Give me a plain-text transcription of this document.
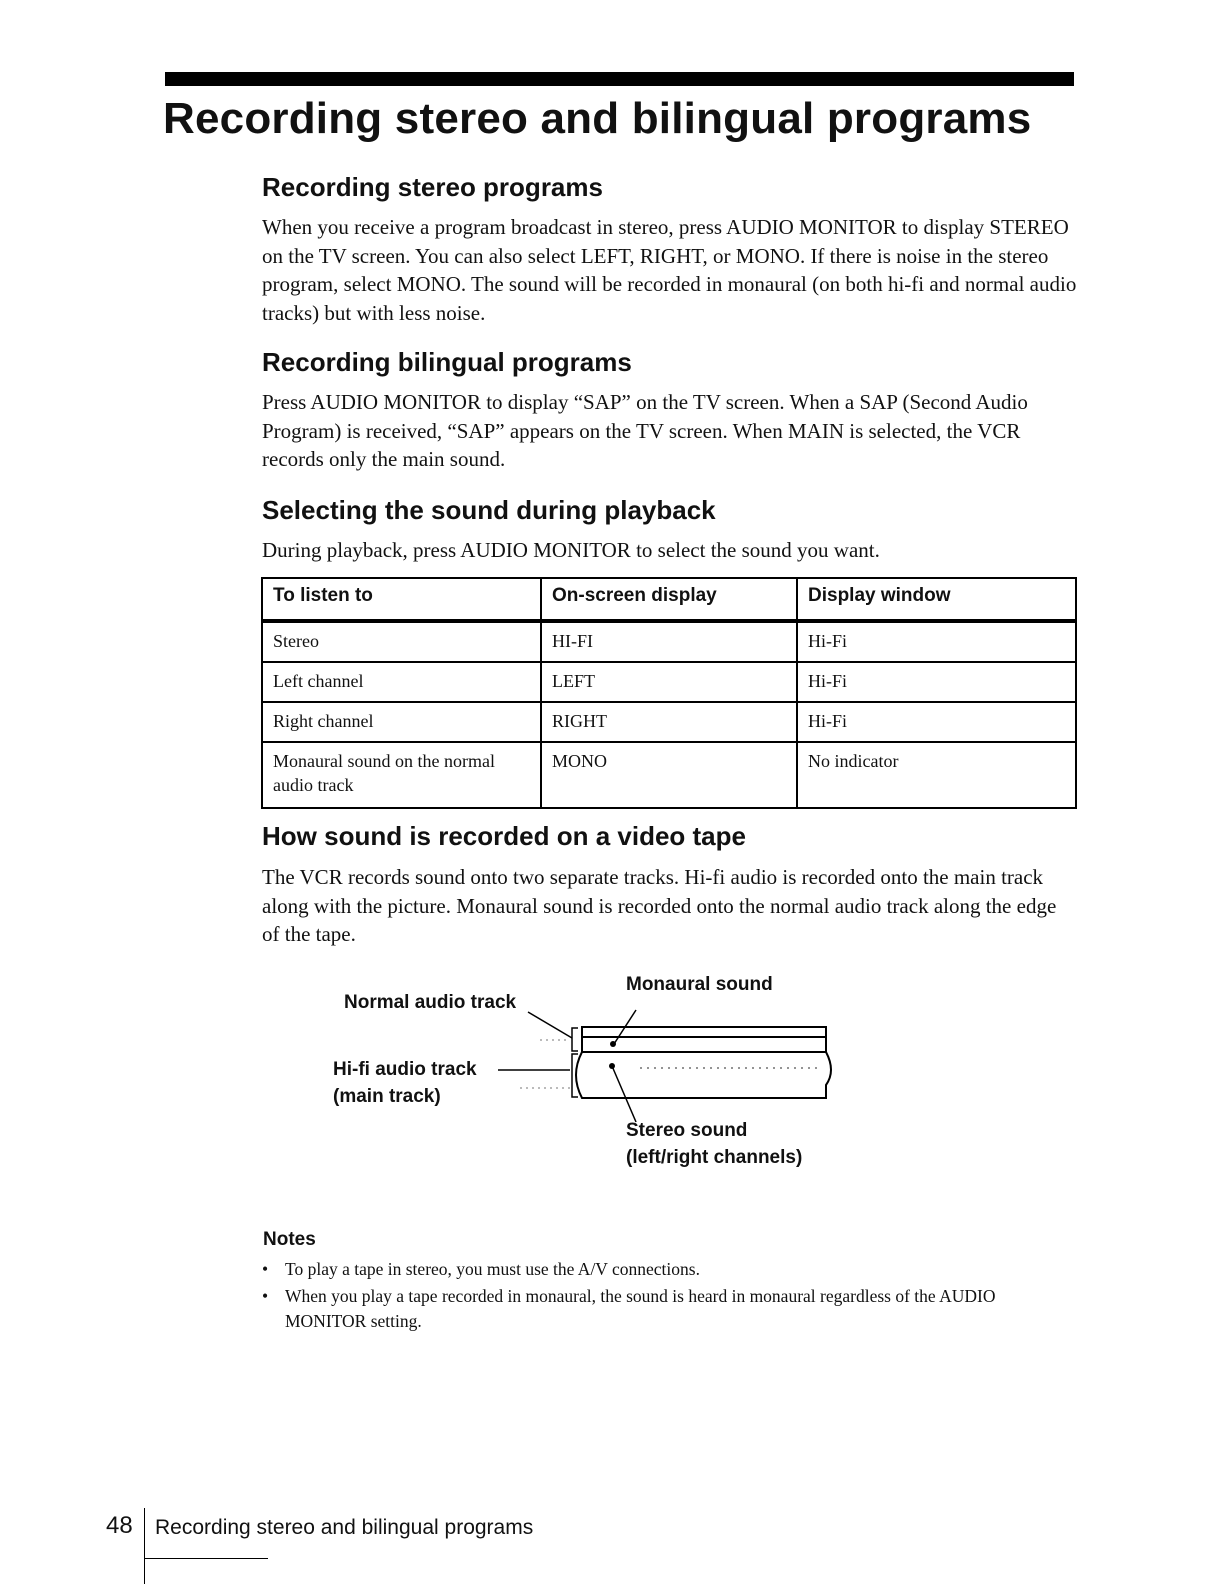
Recording stereo and bilingual programs
Recording stereo programs

When you receive a program broadcast in stereo, press AUDIO MONITOR to display STEREO on the TV screen. You can also select LEFT, RIGHT, or MONO. If there is noise in the stereo program, select MONO. The sound will be recorded in monaural (on both hi-fi and normal audio tracks) but with less noise.

Recording bilingual programs

Press AUDIO MONITOR to display “SAP” on the TV screen. When a SAP (Second Audio Program) is received, “SAP” appears on the TV screen. When MAIN is selected, the VCR records only the main sound.

Selecting the sound during playback

During playback, press AUDIO MONITOR to select the sound you want.

To listen to	On-screen display	Display window
Stereo	HI-FI	Hi-Fi
Left channel	LEFT	Hi-Fi
Right channel	RIGHT	Hi-Fi
Monaural sound on the normal audio track	MONO	No indicator
How sound is recorded on a video tape

The VCR records sound onto two separate tracks. Hi-fi audio is recorded onto the main track along with the picture. Monaural sound is recorded onto the normal audio track along the edge of the tape.

Monaural sound

Normal audio track

Hi-fi audio track

(main track)

Stereo sound

(left/right channels)

Notes

• To play a tape in stereo, you must use the A/V connections.
• When you play a tape recorded in monaural, the sound is heard in monaural regardless of the AUDIO MONITOR setting.

48 Recording stereo and bilingual programs
